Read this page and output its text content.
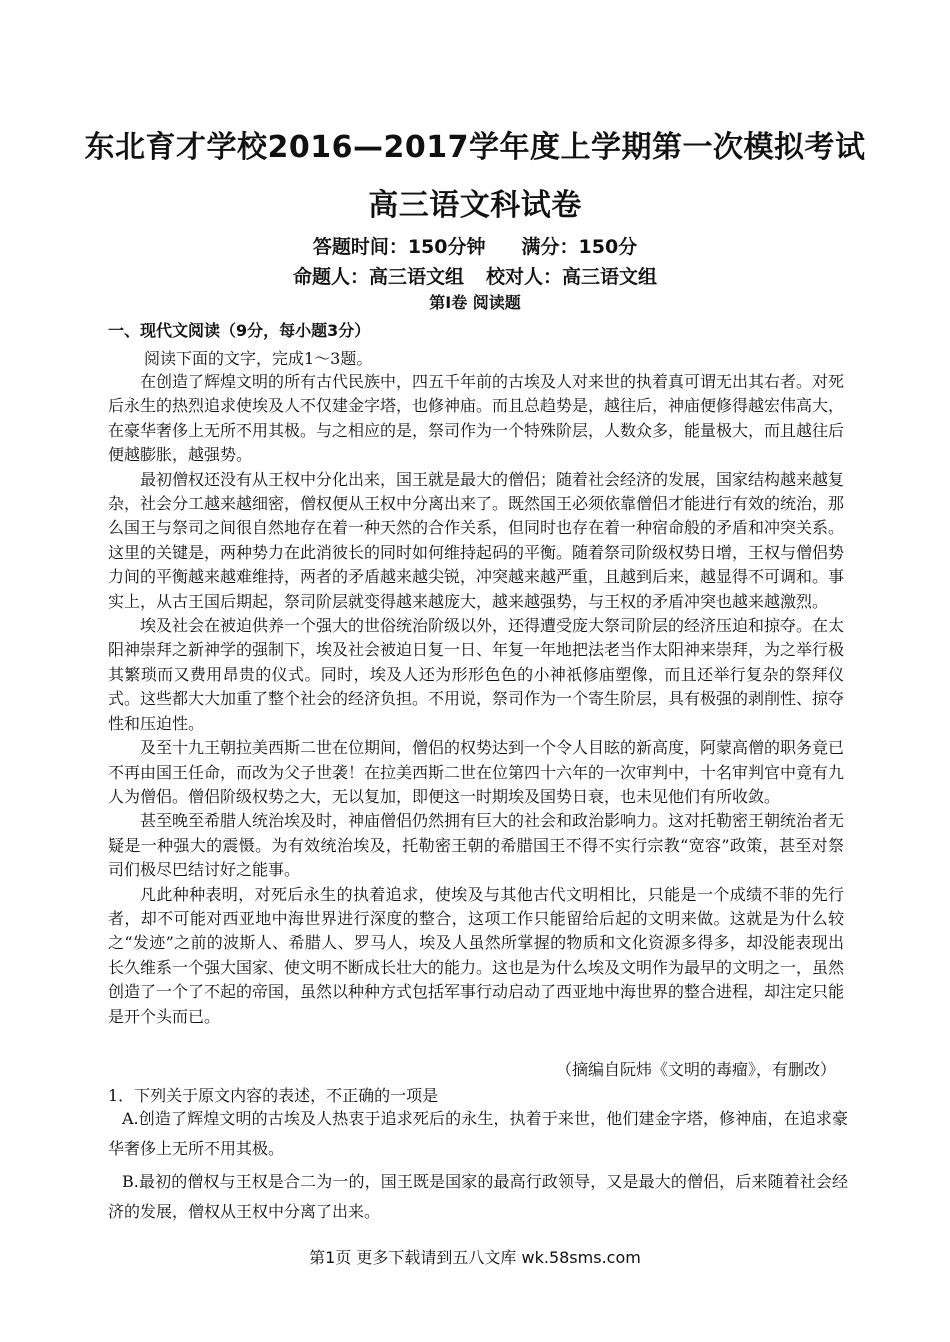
东北育才学校2016—2017学年度上学期第一次模拟考试
高三语文科试卷
答题时间：150分钟 满分：150分
命题人：高三语文组 校对人：高三语文组
第Ⅰ卷 阅读题
一、现代文阅读（9分，每小题3分）
阅读下面的文字，完成1～3题。

在创造了辉煌文明的所有古代民族中，四五千年前的古埃及人对来世的执着真可谓无出其右者。对死后永生的热烈追求使埃及人不仅建金字塔，也修神庙。而且总趋势是，越往后，神庙便修得越宏伟高大，在豪华奢侈上无所不用其极。与之相应的是，祭司作为一个特殊阶层，人数众多，能量极大，而且越往后便越膨胀，越强势。

最初僧权还没有从王权中分化出来，国王就是最大的僧侣；随着社会经济的发展，国家结构越来越复杂，社会分工越来越细密，僧权便从王权中分离出来了。既然国王必须依靠僧侣才能进行有效的统治，那么国王与祭司之间很自然地存在着一种天然的合作关系，但同时也存在着一种宿命般的矛盾和冲突关系。这里的关键是，两种势力在此消彼长的同时如何维持起码的平衡。随着祭司阶级权势日增，王权与僧侣势力间的平衡越来越难维持，两者的矛盾越来越尖锐，冲突越来越严重，且越到后来，越显得不可调和。事实上，从古王国后期起，祭司阶层就变得越来越庞大，越来越强势，与王权的矛盾冲突也越来越激烈。

埃及社会在被迫供养一个强大的世俗统治阶级以外，还得遭受庞大祭司阶层的经济压迫和掠夺。在太阳神崇拜之新神学的强制下，埃及社会被迫日复一日、年复一年地把法老当作太阳神来崇拜，为之举行极其繁琐而又费用昂贵的仪式。同时，埃及人还为形形色色的小神祇修庙塑像，而且还举行复杂的祭拜仪式。这些都大大加重了整个社会的经济负担。不用说，祭司作为一个寄生阶层，具有极强的剥削性、掠夺性和压迫性。

及至十九王朝拉美西斯二世在位期间，僧侣的权势达到一个令人目眩的新高度，阿蒙高僧的职务竟已不再由国王任命，而改为父子世袭！在拉美西斯二世在位第四十六年的一次审判中，十名审判官中竟有九人为僧侣。僧侣阶级权势之大，无以复加，即便这一时期埃及国势日衰，也未见他们有所收敛。

甚至晚至希腊人统治埃及时，神庙僧侣仍然拥有巨大的社会和政治影响力。这对托勒密王朝统治者无疑是一种强大的震慑。为有效统治埃及，托勒密王朝的希腊国王不得不实行宗教“宽容”政策，甚至对祭司们极尽巴结讨好之能事。

凡此种种表明，对死后永生的执着追求，使埃及与其他古代文明相比，只能是一个成绩不菲的先行者，却不可能对西亚地中海世界进行深度的整合，这项工作只能留给后起的文明来做。这就是为什么较之“发迹”之前的波斯人、希腊人、罗马人，埃及人虽然所掌握的物质和文化资源多得多，却没能表现出长久维系一个强大国家、使文明不断成长壮大的能力。这也是为什么埃及文明作为最早的文明之一，虽然创造了一个了不起的帝国，虽然以种种方式包括军事行动启动了西亚地中海世界的整合进程，却注定只能是开个头而已。

（摘编自阮炜《文明的毒瘤》，有删改）
1．下列关于原文内容的表述，不正确的一项是
A.创造了辉煌文明的古埃及人热衷于追求死后的永生，执着于来世，他们建金字塔，修神庙，在追求豪华奢侈上无所不用其极。
B.最初的僧权与王权是合二为一的，国王既是国家的最高行政领导，又是最大的僧侣，后来随着社会经济的发展，僧权从王权中分离了出来。
第1页 更多下载请到五八文库 wk.58sms.com
